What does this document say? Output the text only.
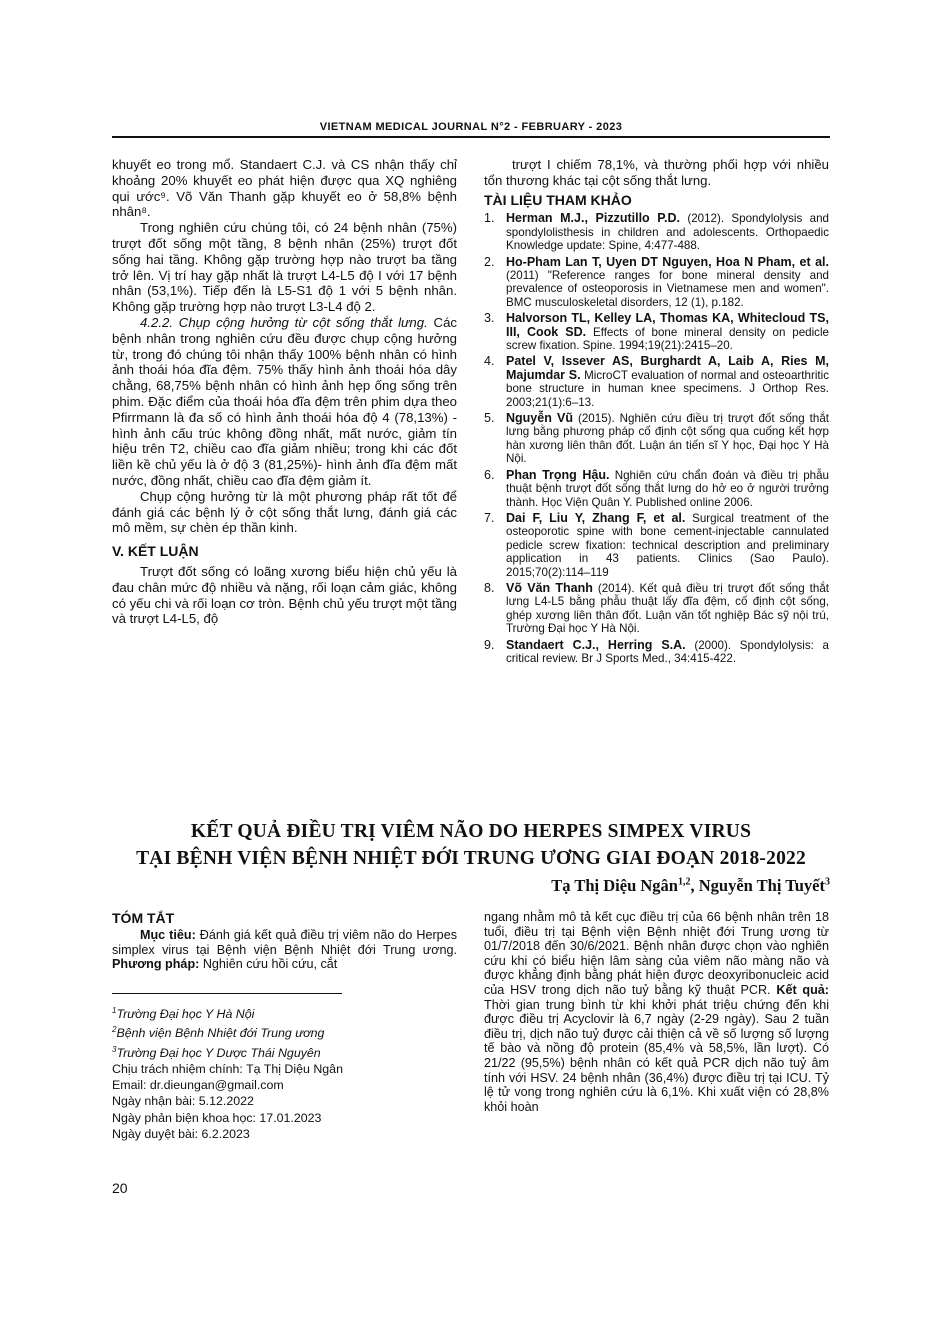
VIETNAM MEDICAL JOURNAL N°2 - FEBRUARY - 2023

khuyết eo trong mổ. Standaert C.J. và CS nhận thấy chỉ khoảng 20% khuyết eo phát hiện được qua XQ nghiêng qui ước⁹. Võ Văn Thanh gặp khuyết eo ở 58,8% bệnh nhân⁸.

Trong nghiên cứu chúng tôi, có 24 bệnh nhân (75%) trượt đốt sống một tầng, 8 bệnh nhân (25%) trượt đốt sống hai tầng. Không gặp trường hợp nào trượt ba tầng trở lên. Vị trí hay gặp nhất là trượt L4-L5 độ I với 17 bệnh nhân (53,1%). Tiếp đến là L5-S1 độ 1 với 5 bệnh nhân. Không gặp trường hợp nào trượt L3-L4 độ 2.

4.2.2. Chụp cộng hưởng từ cột sống thắt lưng. Các bệnh nhân trong nghiên cứu đều được chụp cộng hưởng từ, trong đó chúng tôi nhận thấy 100% bệnh nhân có hình ảnh thoái hóa đĩa đệm. 75% thấy hình ảnh thoái hóa dây chằng, 68,75% bệnh nhân có hình ảnh hẹp ống sống trên phim. Đặc điểm của thoái hóa đĩa đệm trên phim dựa theo Pfirrmann là đa số có hình ảnh thoái hóa độ 4 (78,13%) - hình ảnh cấu trúc không đồng nhất, mất nước, giảm tín hiệu trên T2, chiều cao đĩa giảm nhiều; trong khi các đốt liền kề chủ yếu là ở độ 3 (81,25%)- hình ảnh đĩa đệm mất nước, đồng nhất, chiều cao đĩa đệm giảm ít.

Chụp cộng hưởng từ là một phương pháp rất tốt để đánh giá các bệnh lý ở cột sống thắt lưng, đánh giá các mô mềm, sự chèn ép thần kinh.

V. KẾT LUẬN

Trượt đốt sống có loãng xương biểu hiện chủ yếu là đau chân mức độ nhiều và nặng, rối loạn cảm giác, không có yếu chi và rối loạn cơ tròn. Bệnh chủ yếu trượt một tầng và trượt L4-L5, độ

trượt I chiếm 78,1%, và thường phối hợp với nhiều tổn thương khác tại cột sống thắt lưng.

TÀI LIỆU THAM KHẢO
1. Herman M.J., Pizzutillo P.D. (2012). Spondylolysis and spondylolisthesis in children and adolescents. Orthopaedic Knowledge update: Spine, 4:477-488.
2. Ho-Pham Lan T, Uyen DT Nguyen, Hoa N Pham, et al. (2011) "Reference ranges for bone mineral density and prevalence of osteoporosis in Vietnamese men and women". BMC musculoskeletal disorders, 12 (1), p.182.
3. Halvorson TL, Kelley LA, Thomas KA, Whitecloud TS, III, Cook SD. Effects of bone mineral density on pedicle screw fixation. Spine. 1994;19(21):2415–20.
4. Patel V, Issever AS, Burghardt A, Laib A, Ries M, Majumdar S. MicroCT evaluation of normal and osteoarthritic bone structure in human knee specimens. J Orthop Res. 2003;21(1):6–13.
5. Nguyễn Vũ (2015). Nghiên cứu điều trị trượt đốt sống thắt lưng bằng phương pháp cố định cột sống qua cuống kết hợp hàn xương liên thân đốt. Luận án tiến sĩ Y học, Đại học Y Hà Nội.
6. Phan Trọng Hậu. Nghiên cứu chẩn đoán và điều trị phẫu thuật bệnh trượt đốt sống thắt lưng do hở eo ở người trưởng thành. Học Viện Quân Y. Published online 2006.
7. Dai F, Liu Y, Zhang F, et al. Surgical treatment of the osteoporotic spine with bone cement-injectable cannulated pedicle screw fixation: technical description and preliminary application in 43 patients. Clinics (Sao Paulo). 2015;70(2):114–119
8. Võ Văn Thanh (2014). Kết quả điều trị trượt đốt sống thắt lưng L4-L5 bằng phẫu thuật lấy đĩa đệm, cố định cột sống, ghép xương liên thân đốt. Luận văn tốt nghiệp Bác sỹ nội trú, Trường Đại học Y Hà Nội.
9. Standaert C.J., Herring S.A. (2000). Spondylolysis: a critical review. Br J Sports Med., 34:415-422.
KẾT QUẢ ĐIỀU TRỊ VIÊM NÃO DO HERPES SIMPEX VIRUS
TẠI BỆNH VIỆN BỆNH NHIỆT ĐỚI TRUNG ƯƠNG GIAI ĐOẠN 2018-2022
Tạ Thị Diệu Ngân$^{1,2}$, Nguyễn Thị Tuyết$^3$
TÓM TẮT
Mục tiêu: Đánh giá kết quả điều trị viêm não do Herpes simplex virus tại Bệnh viện Bệnh Nhiệt đới Trung ương. Phương pháp: Nghiên cứu hồi cứu, cắt
$^1$Trường Đại học Y Hà Nội
$^2$Bệnh viện Bệnh Nhiệt đới Trung ương
$^3$Trường Đại học Y Dược Thái Nguyên
Chịu trách nhiệm chính: Tạ Thị Diệu Ngân
Email: dr.dieungan@gmail.com
Ngày nhận bài: 5.12.2022
Ngày phản biện khoa học: 17.01.2023
Ngày duyệt bài: 6.2.2023
ngang nhằm mô tả kết cục điều trị của 66 bệnh nhân trên 18 tuổi, điều trị tại Bệnh viện Bệnh nhiệt đới Trung ương từ 01/7/2018 đến 30/6/2021. Bệnh nhân được chọn vào nghiên cứu khi có biểu hiện lâm sàng của viêm não màng não và được khẳng định bằng phát hiện được deoxyribonucleic acid của HSV trong dịch não tuỷ bằng kỹ thuật PCR. Kết quả: Thời gian trung bình từ khi khởi phát triệu chứng đến khi được điều trị Acyclovir là 6,7 ngày (2-29 ngày). Sau 2 tuần điều trị, dịch não tuỷ được cải thiện cả về số lượng số lượng tế bào và nồng độ protein (85,4% và 58,5%, lần lượt). Có 21/22 (95,5%) bệnh nhân có kết quả PCR dịch não tuỷ âm tính với HSV. 24 bệnh nhân (36,4%) được điều trị tại ICU. Tỷ lệ tử vong trong nghiên cứu là 6,1%. Khi xuất viện có 28,8% khỏi hoàn
20
